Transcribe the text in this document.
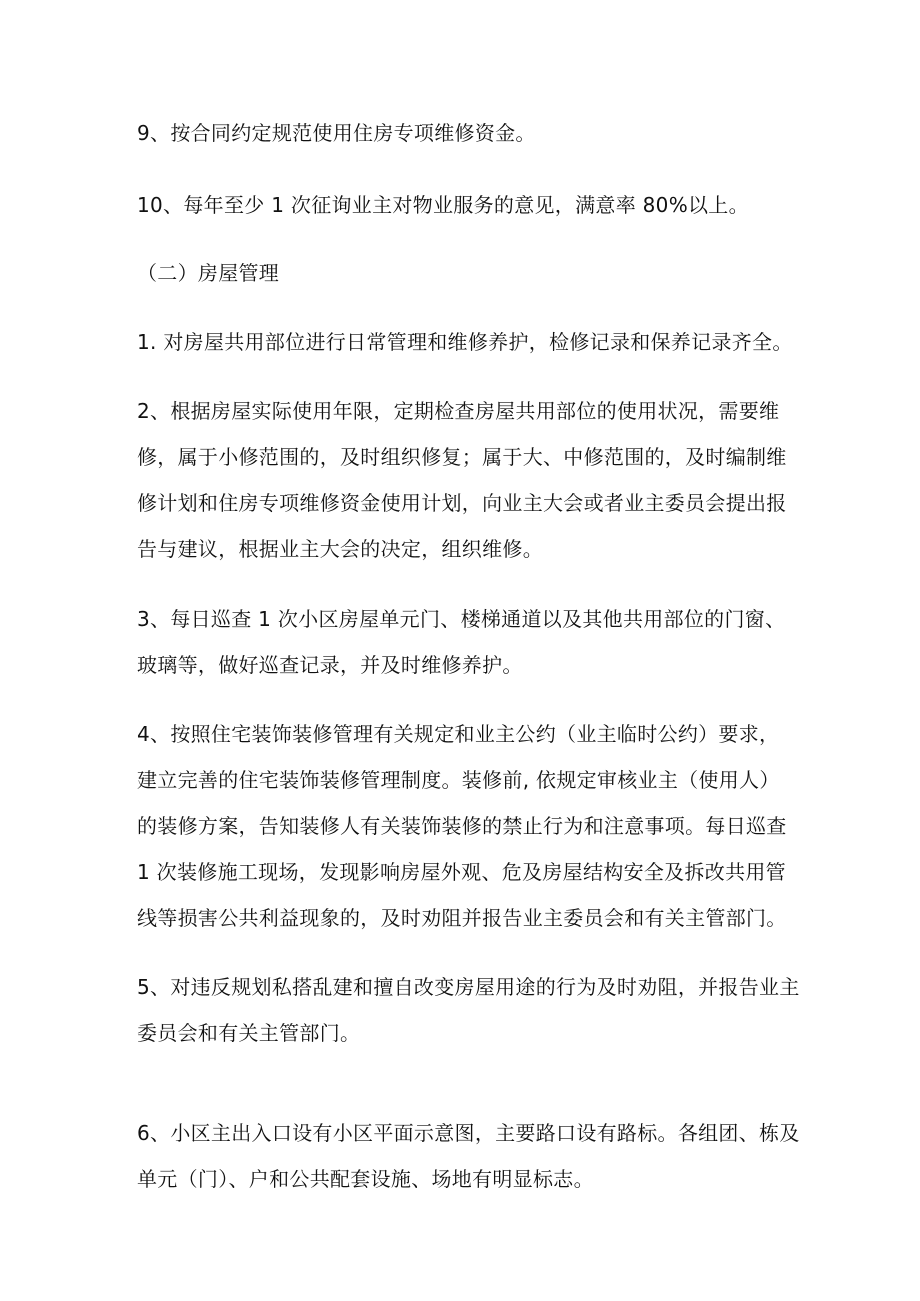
9、按合同约定规范使用住房专项维修资金。

10、每年至少 1 次征询业主对物业服务的意见，满意率 80%以上。

（二）房屋管理

1. 对房屋共用部位进行日常管理和维修养护，检修记录和保养记录齐全。

2、根据房屋实际使用年限，定期检查房屋共用部位的使用状况，需要维
修，属于小修范围的，及时组织修复；属于大、中修范围的，及时编制维
修计划和住房专项维修资金使用计划，向业主大会或者业主委员会提出报
告与建议，根据业主大会的决定，组织维修。

3、每日巡查 1 次小区房屋单元门、楼梯通道以及其他共用部位的门窗、
玻璃等，做好巡查记录，并及时维修养护。

4、按照住宅装饰装修管理有关规定和业主公约（业主临时公约）要求，
建立完善的住宅装饰装修管理制度。装修前, 依规定审核业主（使用人）
的装修方案，告知装修人有关装饰装修的禁止行为和注意事项。每日巡查
1 次装修施工现场，发现影响房屋外观、危及房屋结构安全及拆改共用管
线等损害公共利益现象的，及时劝阻并报告业主委员会和有关主管部门。

5、对违反规划私搭乱建和擅自改变房屋用途的行为及时劝阻，并报告业主
委员会和有关主管部门。

6、小区主出入口设有小区平面示意图，主要路口设有路标。各组团、栋及
单元（门）、户和公共配套设施、场地有明显标志。
